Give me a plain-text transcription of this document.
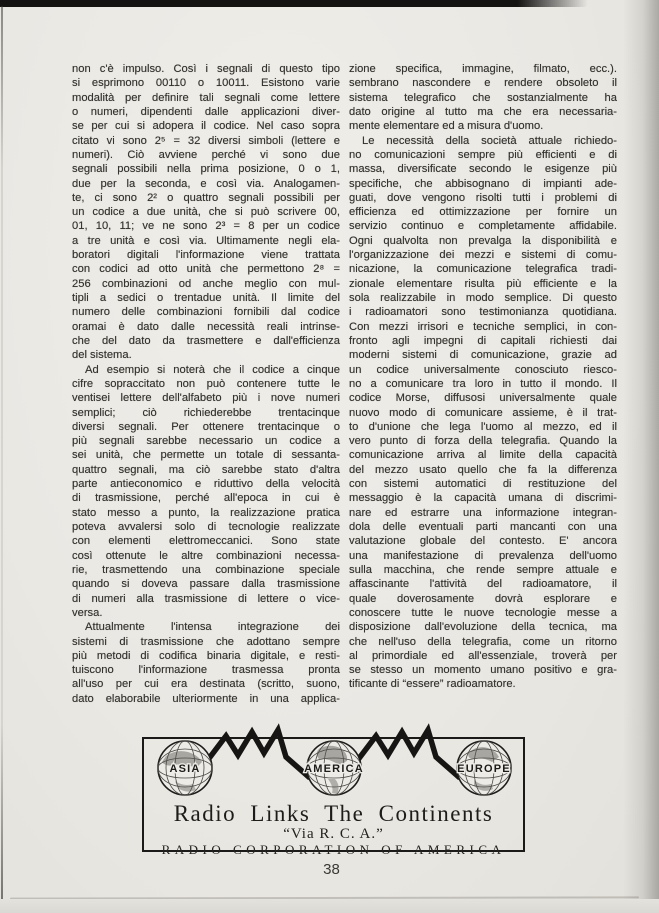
non c'è impulso. Così i segnali di questo tipo
si esprimono 00110 o 10011. Esistono varie
modalità per definire tali segnali come lettere
o numeri, dipendenti dalle applicazioni diver-
se per cui si adopera il codice. Nel caso sopra
citato vi sono 2⁵ = 32 diversi simboli (lettere e
numeri). Ciò avviene perché vi sono due
segnali possibili nella prima posizione, 0 o 1,
due per la seconda, e così via. Analogamen-
te, ci sono 2² o quattro segnali possibili per
un codice a due unità, che si può scrivere 00,
01, 10, 11; ve ne sono 2³ = 8 per un codice
a tre unità e così via. Ultimamente negli ela-
boratori digitali l'informazione viene trattata
con codici ad otto unità che permettono 2⁸ =
256 combinazioni od anche meglio con mul-
tipli a sedici o trentadue unità. Il limite del
numero delle combinazioni fornibili dal codice
oramai è dato dalle necessità reali intrinse-
che del dato da trasmettere e dall'efficienza
del sistema.
Ad esempio si noterà che il codice a cinque
cifre sopraccitato non può contenere tutte le
ventisei lettere dell'alfabeto più i nove numeri
semplici; ciò richiederebbe trentacinque
diversi segnali. Per ottenere trentacinque o
più segnali sarebbe necessario un codice a
sei unità, che permette un totale di sessanta-
quattro segnali, ma ciò sarebbe stato d'altra
parte antieconomico e riduttivo della velocità
di trasmissione, perché all'epoca in cui è
stato messo a punto, la realizzazione pratica
poteva avvalersi solo di tecnologie realizzate
con elementi elettromeccanici. Sono state
così ottenute le altre combinazioni necessa-
rie, trasmettendo una combinazione speciale
quando si doveva passare dalla trasmissione
di numeri alla trasmissione di lettere o vice-
versa.
Attualmente l'intensa integrazione dei
sistemi di trasmissione che adottano sempre
più metodi di codifica binaria digitale, e resti-
tuiscono l'informazione trasmessa pronta
all'uso per cui era destinata (scritto, suono,
dato elaborabile ulteriormente in una applica-
zione specifica, immagine, filmato, ecc.).
sembrano nascondere e rendere obsoleto il
sistema telegrafico che sostanzialmente ha
dato origine al tutto ma che era necessaria-
mente elementare ed a misura d'uomo.
Le necessità della società attuale richiedo-
no comunicazioni sempre più efficienti e di
massa, diversificate secondo le esigenze più
specifiche, che abbisognano di impianti ade-
guati, dove vengono risolti tutti i problemi di
efficienza ed ottimizzazione per fornire un
servizio continuo e completamente affidabile.
Ogni qualvolta non prevalga la disponibilità e
l'organizzazione dei mezzi e sistemi di comu-
nicazione, la comunicazione telegrafica tradi-
zionale elementare risulta più efficiente e la
sola realizzabile in modo semplice. Di questo
i radioamatori sono testimonianza quotidiana.
Con mezzi irrisori e tecniche semplici, in con-
fronto agli impegni di capitali richiesti dai
moderni sistemi di comunicazione, grazie ad
un codice universalmente conosciuto riesco-
no a comunicare tra loro in tutto il mondo. Il
codice Morse, diffusosi universalmente quale
nuovo modo di comunicare assieme, è il trat-
to d'unione che lega l'uomo al mezzo, ed il
vero punto di forza della telegrafia. Quando la
comunicazione arriva al limite della capacità
del mezzo usato quello che fa la differenza
con sistemi automatici di restituzione del
messaggio è la capacità umana di discrimi-
nare ed estrarre una informazione integran-
dola delle eventuali parti mancanti con una
valutazione globale del contesto. E' ancora
una manifestazione di prevalenza dell'uomo
sulla macchina, che rende sempre attuale e
affascinante l'attività del radioamatore, il
quale doverosamente dovrà esplorare e
conoscere tutte le nuove tecnologie messe a
disposizione dall'evoluzione della tecnica, ma
che nell'uso della telegrafia, come un ritorno
al primordiale ed all'essenziale, troverà per
se stesso un momento umano positivo e gra-
tificante di “essere” radioamatore.
ASIA	AMERICA	EUROPE
Radio Links The Continents
“Via R. C. A.”
RADIO CORPORATION OF AMERICA
38
